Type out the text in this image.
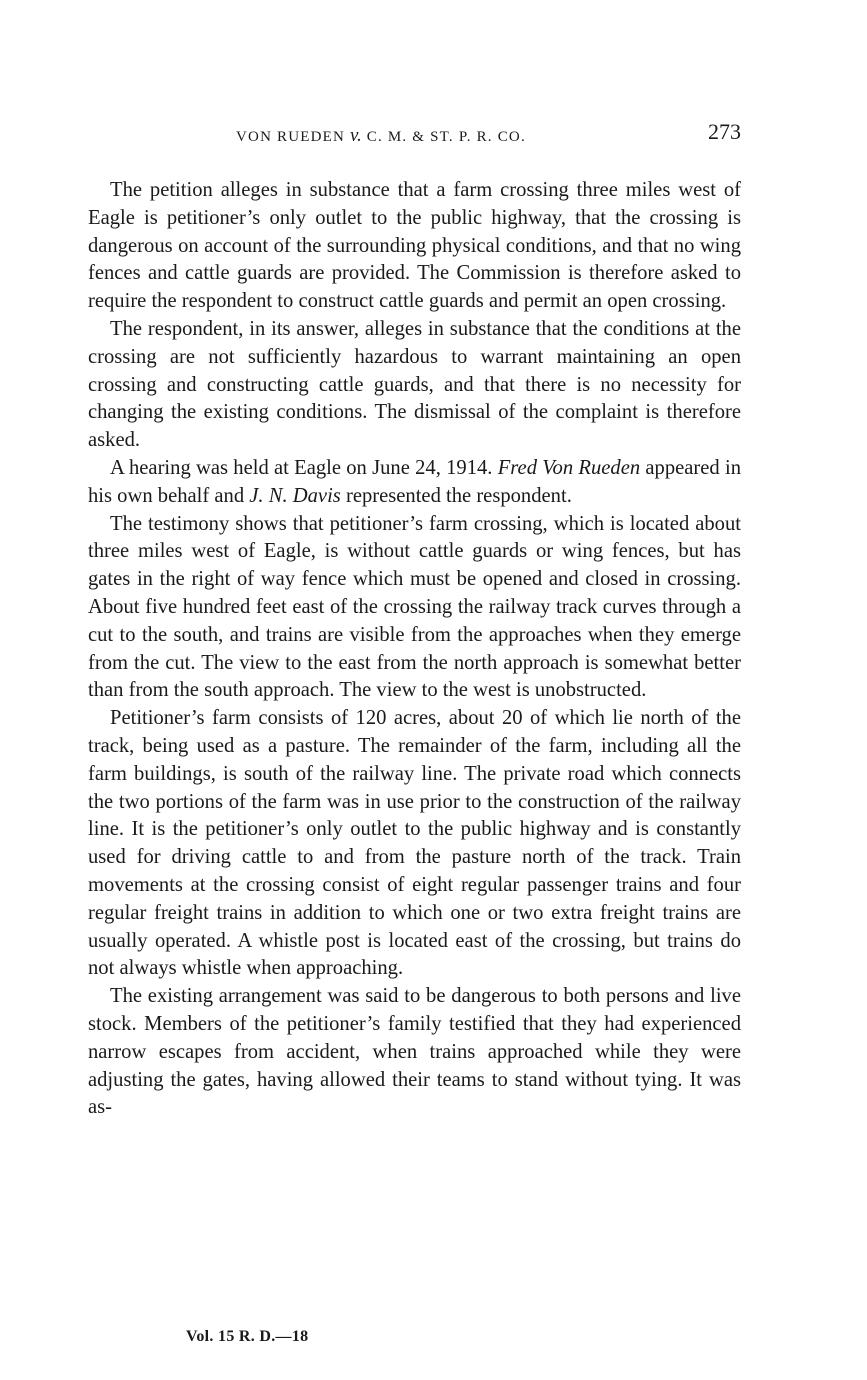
VON RUEDEN v. C. M. & ST. P. R. CO.	273

The petition alleges in substance that a farm crossing three miles west of Eagle is petitioner’s only outlet to the public highway, that the crossing is dangerous on account of the surrounding physical conditions, and that no wing fences and cattle guards are provided. The Commission is therefore asked to require the respondent to construct cattle guards and permit an open crossing.

The respondent, in its answer, alleges in substance that the conditions at the crossing are not sufficiently hazardous to warrant maintaining an open crossing and constructing cattle guards, and that there is no necessity for changing the existing conditions. The dismissal of the complaint is therefore asked.

A hearing was held at Eagle on June 24, 1914. Fred Von Rueden appeared in his own behalf and J. N. Davis represented the respondent.

The testimony shows that petitioner’s farm crossing, which is located about three miles west of Eagle, is without cattle guards or wing fences, but has gates in the right of way fence which must be opened and closed in crossing. About five hundred feet east of the crossing the railway track curves through a cut to the south, and trains are visible from the approaches when they emerge from the cut. The view to the east from the north approach is somewhat better than from the south approach. The view to the west is unobstructed.

Petitioner’s farm consists of 120 acres, about 20 of which lie north of the track, being used as a pasture. The remainder of the farm, including all the farm buildings, is south of the railway line. The private road which connects the two portions of the farm was in use prior to the construction of the railway line. It is the petitioner’s only outlet to the public highway and is constantly used for driving cattle to and from the pasture north of the track. Train movements at the crossing consist of eight regular passenger trains and four regular freight trains in addition to which one or two extra freight trains are usually operated. A whistle post is located east of the crossing, but trains do not always whistle when approaching.

The existing arrangement was said to be dangerous to both persons and live stock. Members of the petitioner’s family testified that they had experienced narrow escapes from accident, when trains approached while they were adjusting the gates, having allowed their teams to stand without tying. It was as-

Vol. 15 R. D.—18
